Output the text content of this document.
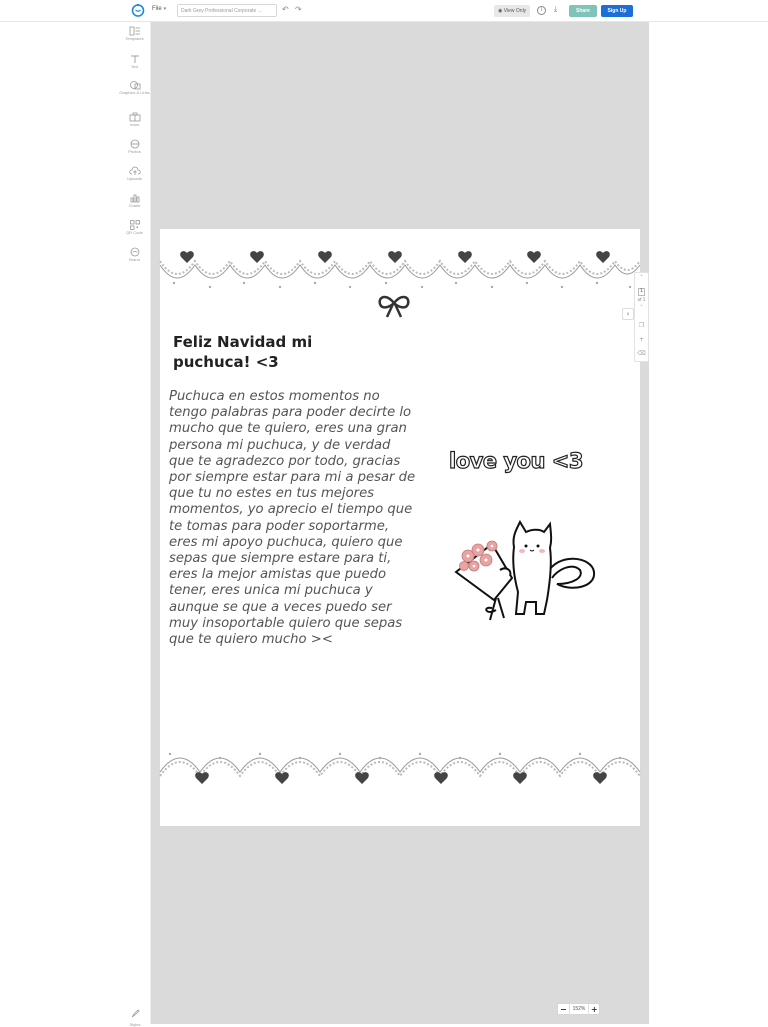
File ▾	Dark Grey Professional Corporate ...	↶ ↷	◉ View Only	i	⤓	Share	Sign Up
Templates
Text
Graphics & Links
Icons
Photos
Uploads
Charts
QR Code
Brand
Styles
Feliz Navidad mi puchuca! <3
Puchuca en estos momentos no tengo palabras para poder decirte lo mucho que te quiero, eres una gran persona mi puchuca, y de verdad que te agradezco por todo, gracias por siempre estar para mi a pesar de que tu no estes en tus mejores momentos, yo aprecio el tiempo que te tomas para poder soportarme, eres mi apoyo puchuca, quiero que sepas que siempre estare para ti, eres la mejor amistas que puedo tener, eres unica mi puchuca y aunque se que a veces puedo ser muy insoportable quiero que sepas que te quiero mucho ><
love you <3
‹
ˆ
1
of 1
ˇ
❐
+
⌫
−	152% +
